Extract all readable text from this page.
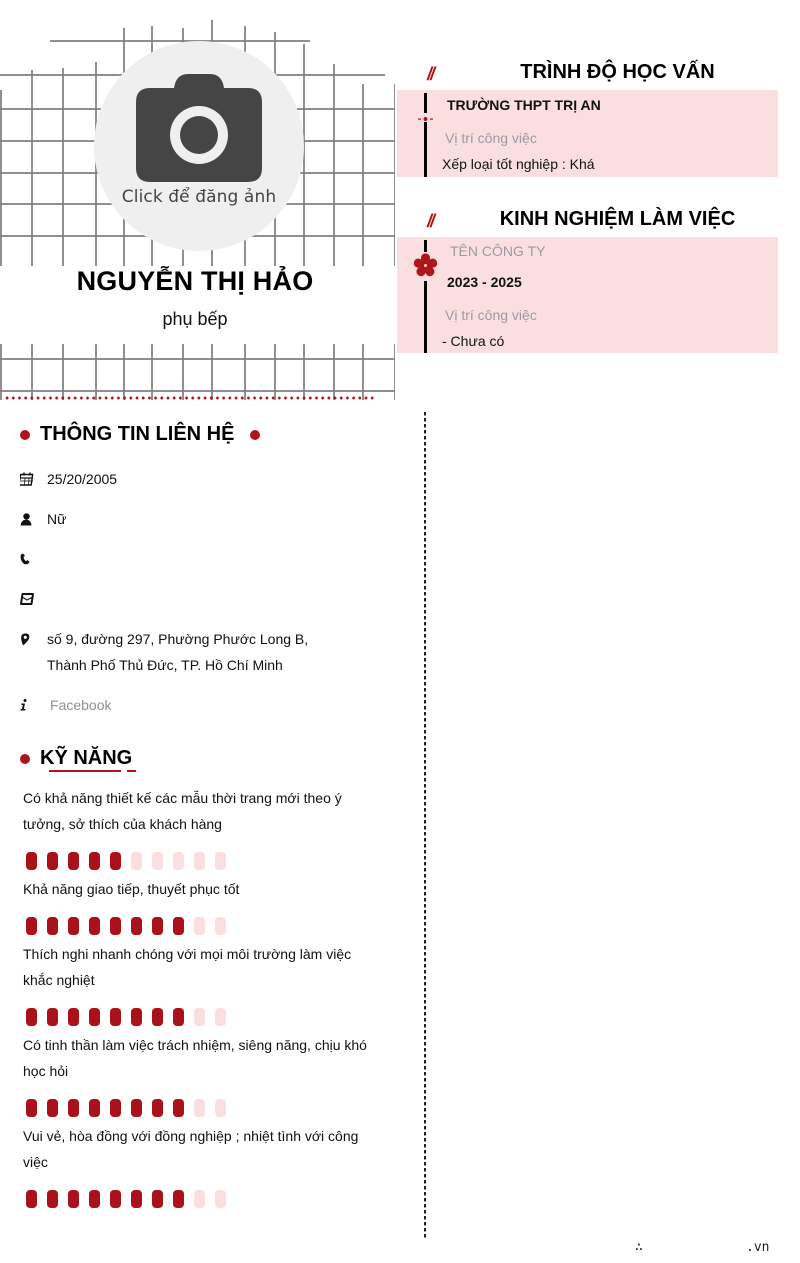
Click để đăng ảnh
NGUYỄN THỊ HẢO
phụ bếp
//	TRÌNH ĐỘ HỌC VẤN
TRƯỜNG THPT TRỊ AN
Vị trí công việc
Xếp loại tốt nghiệp : Khá
//	KINH NGHIỆM LÀM VIỆC
TÊN CÔNG TY
2023 - 2025
Vị trí công việc
- Chưa có
THÔNG TIN LIÊN HỆ
25/20/2005
Nữ
số 9, đường 297, Phường Phước Long B, Thành Phố Thủ Đức, TP. Hồ Chí Minh
Facebook
KỸ NĂNG
Có khả năng thiết kế các mẫu thời trang mới theo ý tưởng, sở thích của khách hàng
Khả năng giao tiếp, thuyết phục tốt
Thích nghi nhanh chóng với mọi môi trường làm việc khắc nghiệt
Có tinh thần làm việc trách nhiệm, siêng năng, chịu khó học hỏi
Vui vẻ, hòa đồng với đồng nghiệp ; nhiệt tình với công việc
∴	.vn
